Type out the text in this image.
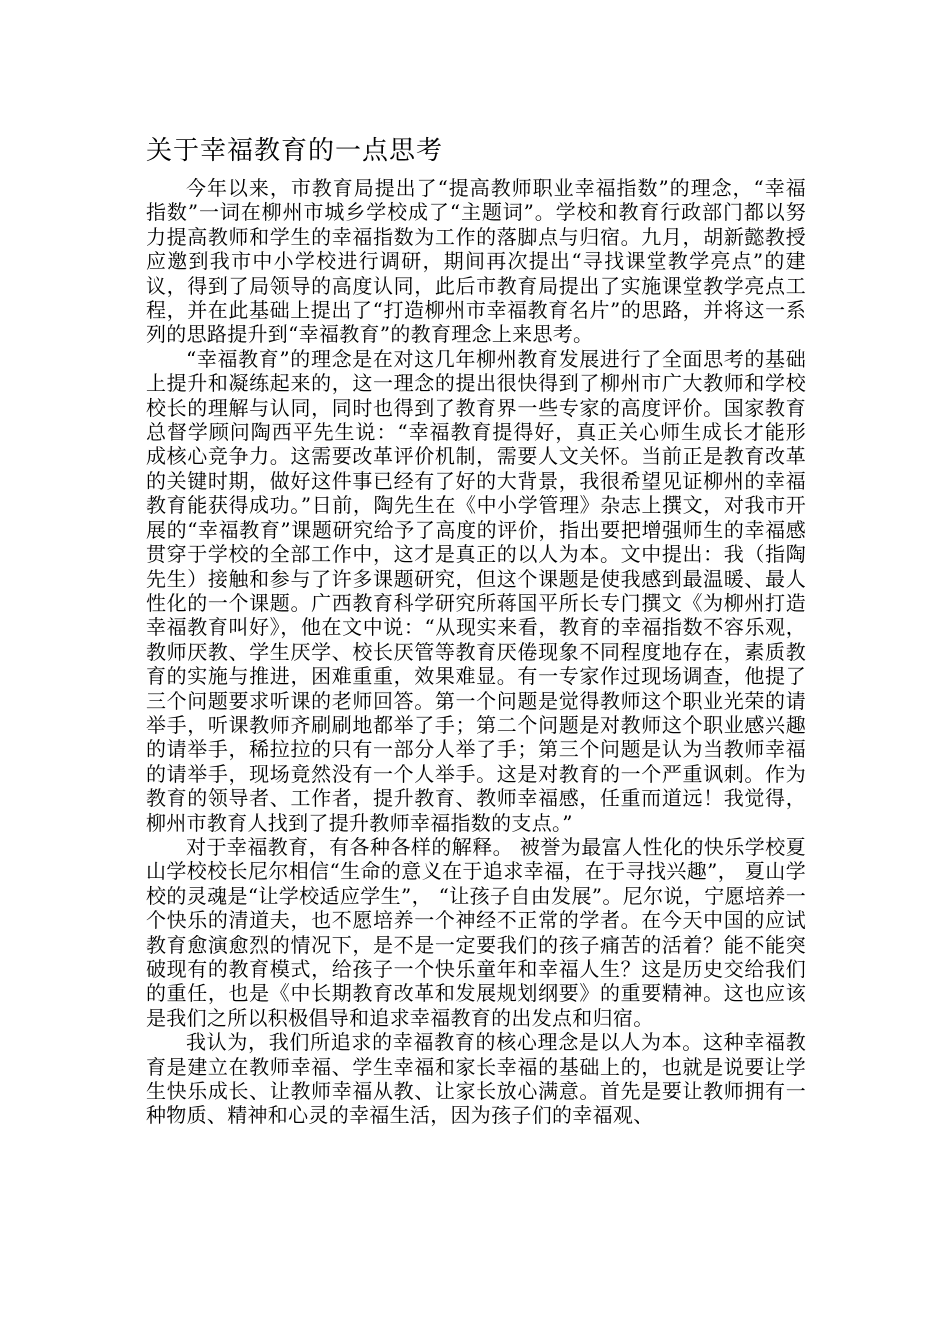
关于幸福教育的一点思考

今年以来，市教育局提出了“提高教师职业幸福指数”的理念，“幸福指数”一词在柳州市城乡学校成了“主题词”。学校和教育行政部门都以努力提高教师和学生的幸福指数为工作的落脚点与归宿。九月，胡新懿教授应邀到我市中小学校进行调研，期间再次提出“寻找课堂教学亮点”的建议，得到了局领导的高度认同，此后市教育局提出了实施课堂教学亮点工程，并在此基础上提出了“打造柳州市幸福教育名片”的思路，并将这一系列的思路提升到“幸福教育”的教育理念上来思考。

“幸福教育”的理念是在对这几年柳州教育发展进行了全面思考的基础上提升和凝练起来的，这一理念的提出很快得到了柳州市广大教师和学校校长的理解与认同，同时也得到了教育界一些专家的高度评价。国家教育总督学顾问陶西平先生说：“幸福教育提得好，真正关心师生成长才能形成核心竞争力。这需要改革评价机制，需要人文关怀。当前正是教育改革的关键时期，做好这件事已经有了好的大背景，我很希望见证柳州的幸福教育能获得成功。”日前，陶先生在《中小学管理》杂志上撰文，对我市开展的“幸福教育”课题研究给予了高度的评价，指出要把增强师生的幸福感贯穿于学校的全部工作中，这才是真正的以人为本。文中提出：我（指陶先生）接触和参与了许多课题研究，但这个课题是使我感到最温暖、最人性化的一个课题。广西教育科学研究所蒋国平所长专门撰文《为柳州打造幸福教育叫好》，他在文中说：“从现实来看，教育的幸福指数不容乐观，教师厌教、学生厌学、校长厌管等教育厌倦现象不同程度地存在，素质教育的实施与推进，困难重重，效果难显。有一专家作过现场调查，他提了三个问题要求听课的老师回答。第一个问题是觉得教师这个职业光荣的请举手，听课教师齐刷刷地都举了手；第二个问题是对教师这个职业感兴趣的请举手，稀拉拉的只有一部分人举了手；第三个问题是认为当教师幸福的请举手，现场竟然没有一个人举手。这是对教育的一个严重讽刺。作为教育的领导者、工作者，提升教育、教师幸福感，任重而道远！我觉得，柳州市教育人找到了提升教师幸福指数的支点。”

对于幸福教育，有各种各样的解释。 被誉为最富人性化的快乐学校夏山学校校长尼尔相信“生命的意义在于追求幸福，在于寻找兴趣”， 夏山学校的灵魂是“让学校适应学生”， “让孩子自由发展”。尼尔说，宁愿培养一个快乐的清道夫，也不愿培养一个神经不正常的学者。在今天中国的应试教育愈演愈烈的情况下，是不是一定要我们的孩子痛苦的活着？能不能突破现有的教育模式，给孩子一个快乐童年和幸福人生？这是历史交给我们的重任，也是《中长期教育改革和发展规划纲要》的重要精神。这也应该是我们之所以积极倡导和追求幸福教育的出发点和归宿。

我认为，我们所追求的幸福教育的核心理念是以人为本。这种幸福教育是建立在教师幸福、学生幸福和家长幸福的基础上的，也就是说要让学生快乐成长、让教师幸福从教、让家长放心满意。首先是要让教师拥有一种物质、精神和心灵的幸福生活，因为孩子们的幸福观、
